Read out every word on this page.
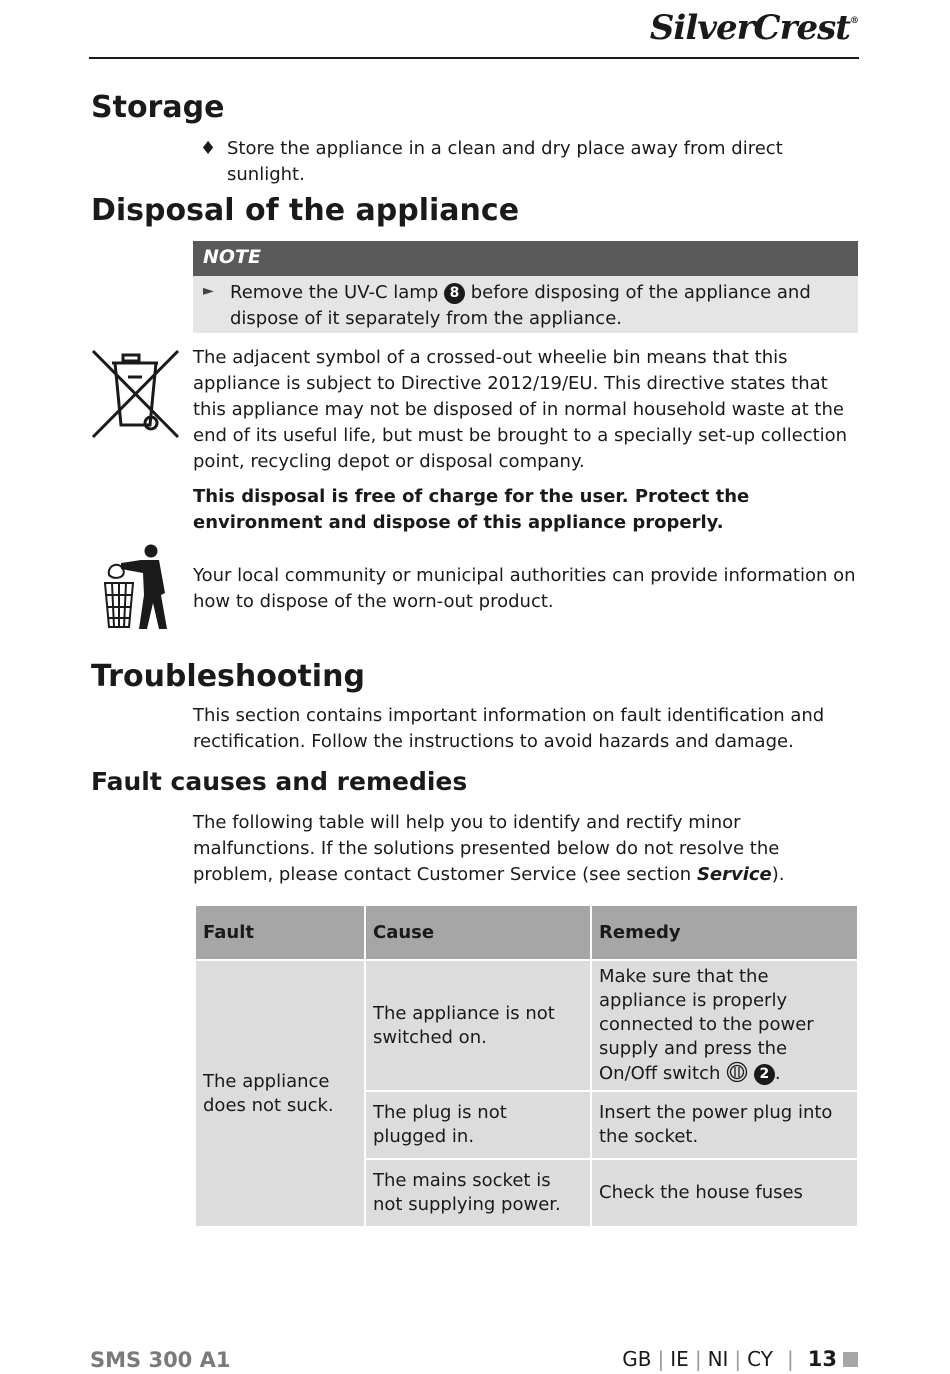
SilverCrest®
Storage
♦ Store the appliance in a clean and dry place away from direct sunlight.
Disposal of the appliance
NOTE
► Remove the UV-C lamp 8 before disposing of the appliance and dispose of it separately from the appliance.
The adjacent symbol of a crossed-out wheelie bin means that this appliance is subject to Directive 2012/19/EU. This directive states that this appliance may not be disposed of in normal household waste at the end of its useful life, but must be brought to a specially set-up collection point, recycling depot or disposal company.
This disposal is free of charge for the user. Protect the environment and dispose of this appliance properly.
Your local community or municipal authorities can provide information on how to dispose of the worn-out product.
Troubleshooting
This section contains important information on fault identification and rectification. Follow the instructions to avoid hazards and damage.
Fault causes and remedies
The following table will help you to identify and rectify minor malfunctions. If the solutions presented below do not resolve the problem, please contact Customer Service (see section Service).
Fault	Cause	Remedy
The appliance does not suck.	The appliance is not switched on.	Make sure that the appliance is properly connected to the power supply and press the On/Off switch 2 .
	The plug is not plugged in.	Insert the power plug into the socket.
	The mains socket is not supplying power.	Check the house fuses
SMS 300 A1	GB | IE | NI | CY | 13
